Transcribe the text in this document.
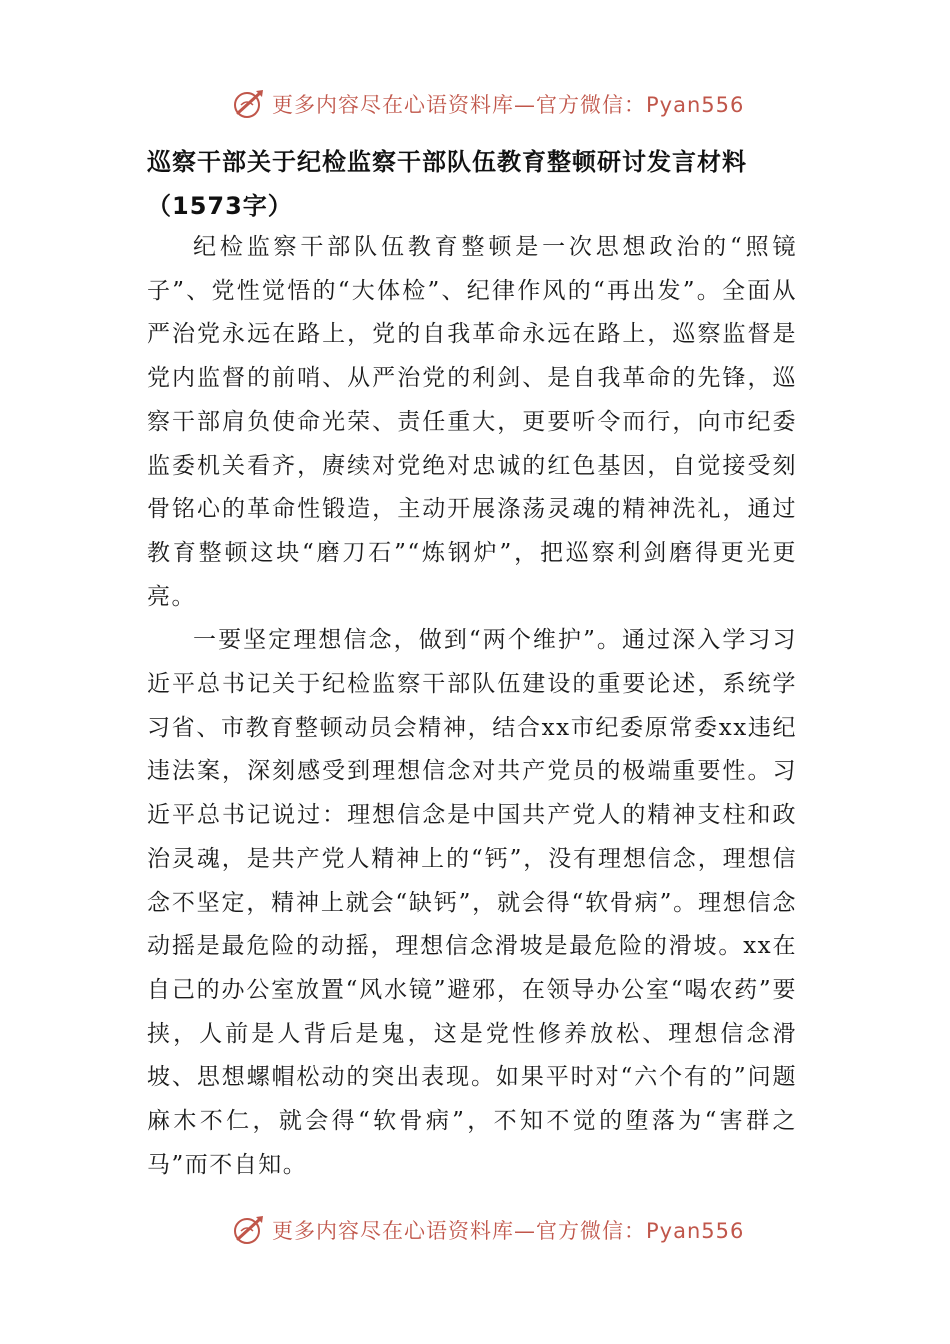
更多内容尽在心语资料库—官方微信：Pyan556
巡察干部关于纪检监察干部队伍教育整顿研讨发言材料（1573字）

纪检监察干部队伍教育整顿是一次思想政治的“照镜子”、党性觉悟的“大体检”、纪律作风的“再出发”。全面从严治党永远在路上，党的自我革命永远在路上，巡察监督是党内监督的前哨、从严治党的利剑、是自我革命的先锋，巡察干部肩负使命光荣、责任重大，更要听令而行，向市纪委监委机关看齐，赓续对党绝对忠诚的红色基因，自觉接受刻骨铭心的革命性锻造，主动开展涤荡灵魂的精神洗礼，通过教育整顿这块“磨刀石”“炼钢炉”，把巡察利剑磨得更光更亮。

一要坚定理想信念，做到“两个维护”。通过深入学习习近平总书记关于纪检监察干部队伍建设的重要论述，系统学习省、市教育整顿动员会精神，结合xx市纪委原常委xx违纪违法案，深刻感受到理想信念对共产党员的极端重要性。习近平总书记说过：理想信念是中国共产党人的精神支柱和政治灵魂，是共产党人精神上的“钙”，没有理想信念，理想信念不坚定，精神上就会“缺钙”，就会得“软骨病”。理想信念动摇是最危险的动摇，理想信念滑坡是最危险的滑坡。xx在自己的办公室放置“风水镜”避邪，在领导办公室“喝农药”要挟，人前是人背后是鬼，这是党性修养放松、理想信念滑坡、思想螺帽松动的突出表现。如果平时对“六个有的”问题麻木不仁，就会得“软骨病”，不知不觉的堕落为“害群之马”而不自知。

更多内容尽在心语资料库—官方微信：Pyan556
